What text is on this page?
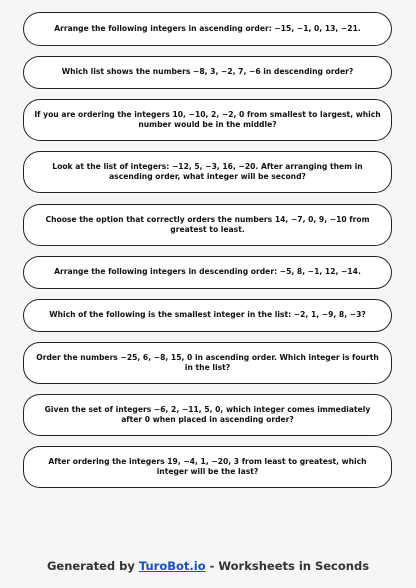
Arrange the following integers in ascending order: −15, −1, 0, 13, −21.
Which list shows the numbers −8, 3, −2, 7, −6 in descending order?
If you are ordering the integers 10, −10, 2, −2, 0 from smallest to largest, which number would be in the middle?
Look at the list of integers: −12, 5, −3, 16, −20. After arranging them in ascending order, what integer will be second?
Choose the option that correctly orders the numbers 14, −7, 0, 9, −10 from greatest to least.
Arrange the following integers in descending order: −5, 8, −1, 12, −14.
Which of the following is the smallest integer in the list: −2, 1, −9, 8, −3?
Order the numbers −25, 6, −8, 15, 0 in ascending order. Which integer is fourth in the list?
Given the set of integers −6, 2, −11, 5, 0, which integer comes immediately after 0 when placed in ascending order?
After ordering the integers 19, −4, 1, −20, 3 from least to greatest, which integer will be the last?
Generated by TuroBot.io - Worksheets in Seconds
